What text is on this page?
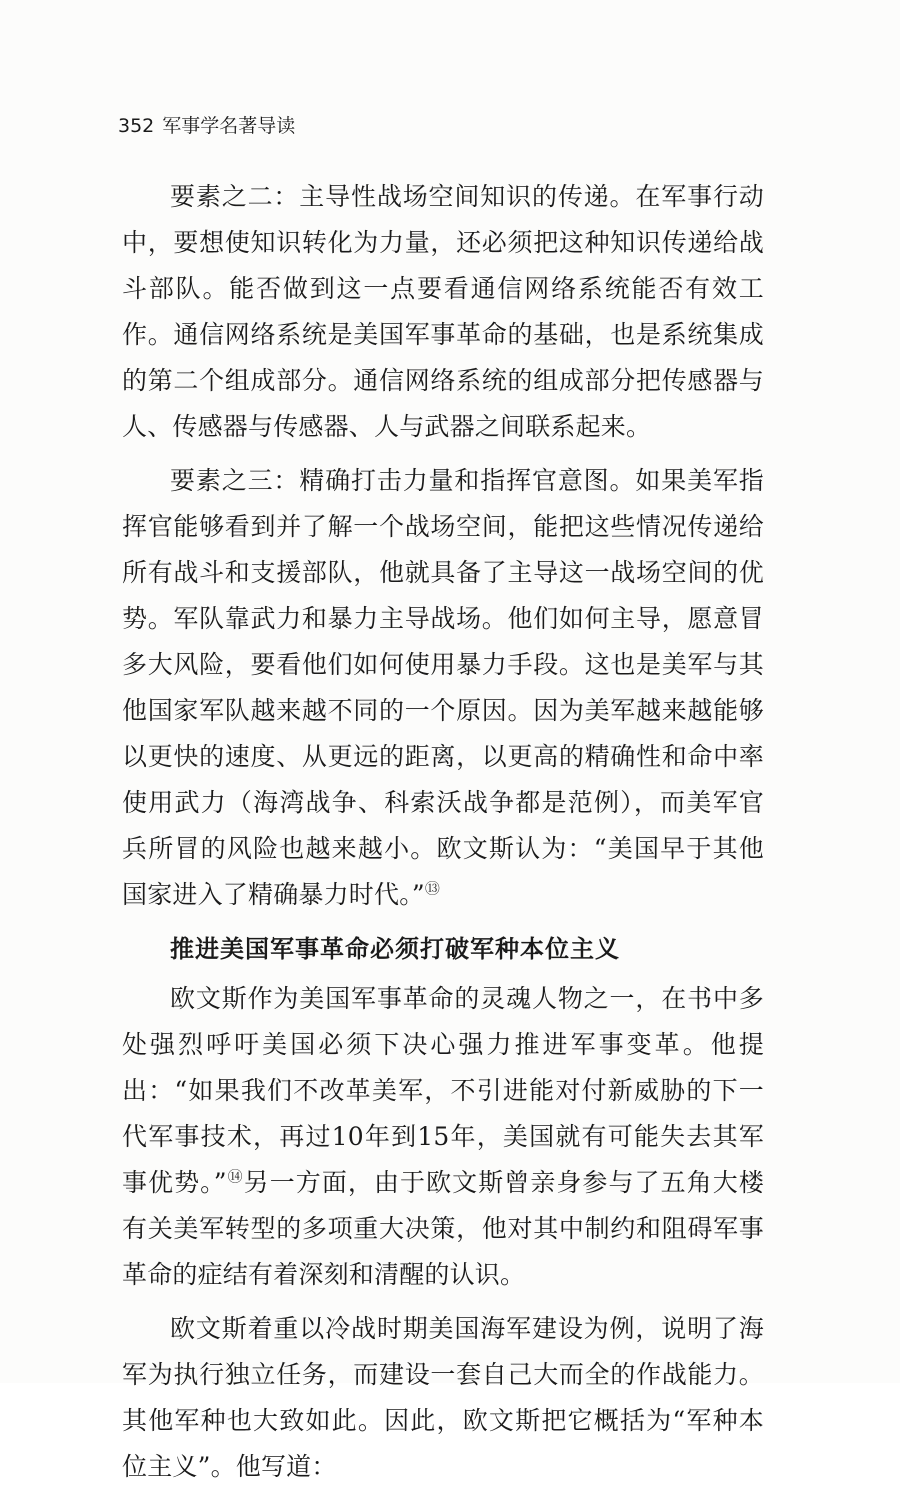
352 军事学名著导读

要素之二：主导性战场空间知识的传递。在军事行动中，要想使知识转化为力量，还必须把这种知识传递给战斗部队。能否做到这一点要看通信网络系统能否有效工作。通信网络系统是美国军事革命的基础，也是系统集成的第二个组成部分。通信网络系统的组成部分把传感器与人、传感器与传感器、人与武器之间联系起来。

要素之三：精确打击力量和指挥官意图。如果美军指挥官能够看到并了解一个战场空间，能把这些情况传递给所有战斗和支援部队，他就具备了主导这一战场空间的优势。军队靠武力和暴力主导战场。他们如何主导，愿意冒多大风险，要看他们如何使用暴力手段。这也是美军与其他国家军队越来越不同的一个原因。因为美军越来越能够以更快的速度、从更远的距离，以更高的精确性和命中率使用武力（海湾战争、科索沃战争都是范例），而美军官兵所冒的风险也越来越小。欧文斯认为：“美国早于其他国家进入了精确暴力时代。”⑬

推进美国军事革命必须打破军种本位主义

欧文斯作为美国军事革命的灵魂人物之一，在书中多处强烈呼吁美国必须下决心强力推进军事变革。他提出：“如果我们不改革美军，不引进能对付新威胁的下一代军事技术，再过10年到15年，美国就有可能失去其军事优势。”⑭另一方面，由于欧文斯曾亲身参与了五角大楼有关美军转型的多项重大决策，他对其中制约和阻碍军事革命的症结有着深刻和清醒的认识。

欧文斯着重以冷战时期美国海军建设为例，说明了海军为执行独立任务，而建设一套自己大而全的作战能力。其他军种也大致如此。因此，欧文斯把它概括为“军种本位主义”。他写道：
